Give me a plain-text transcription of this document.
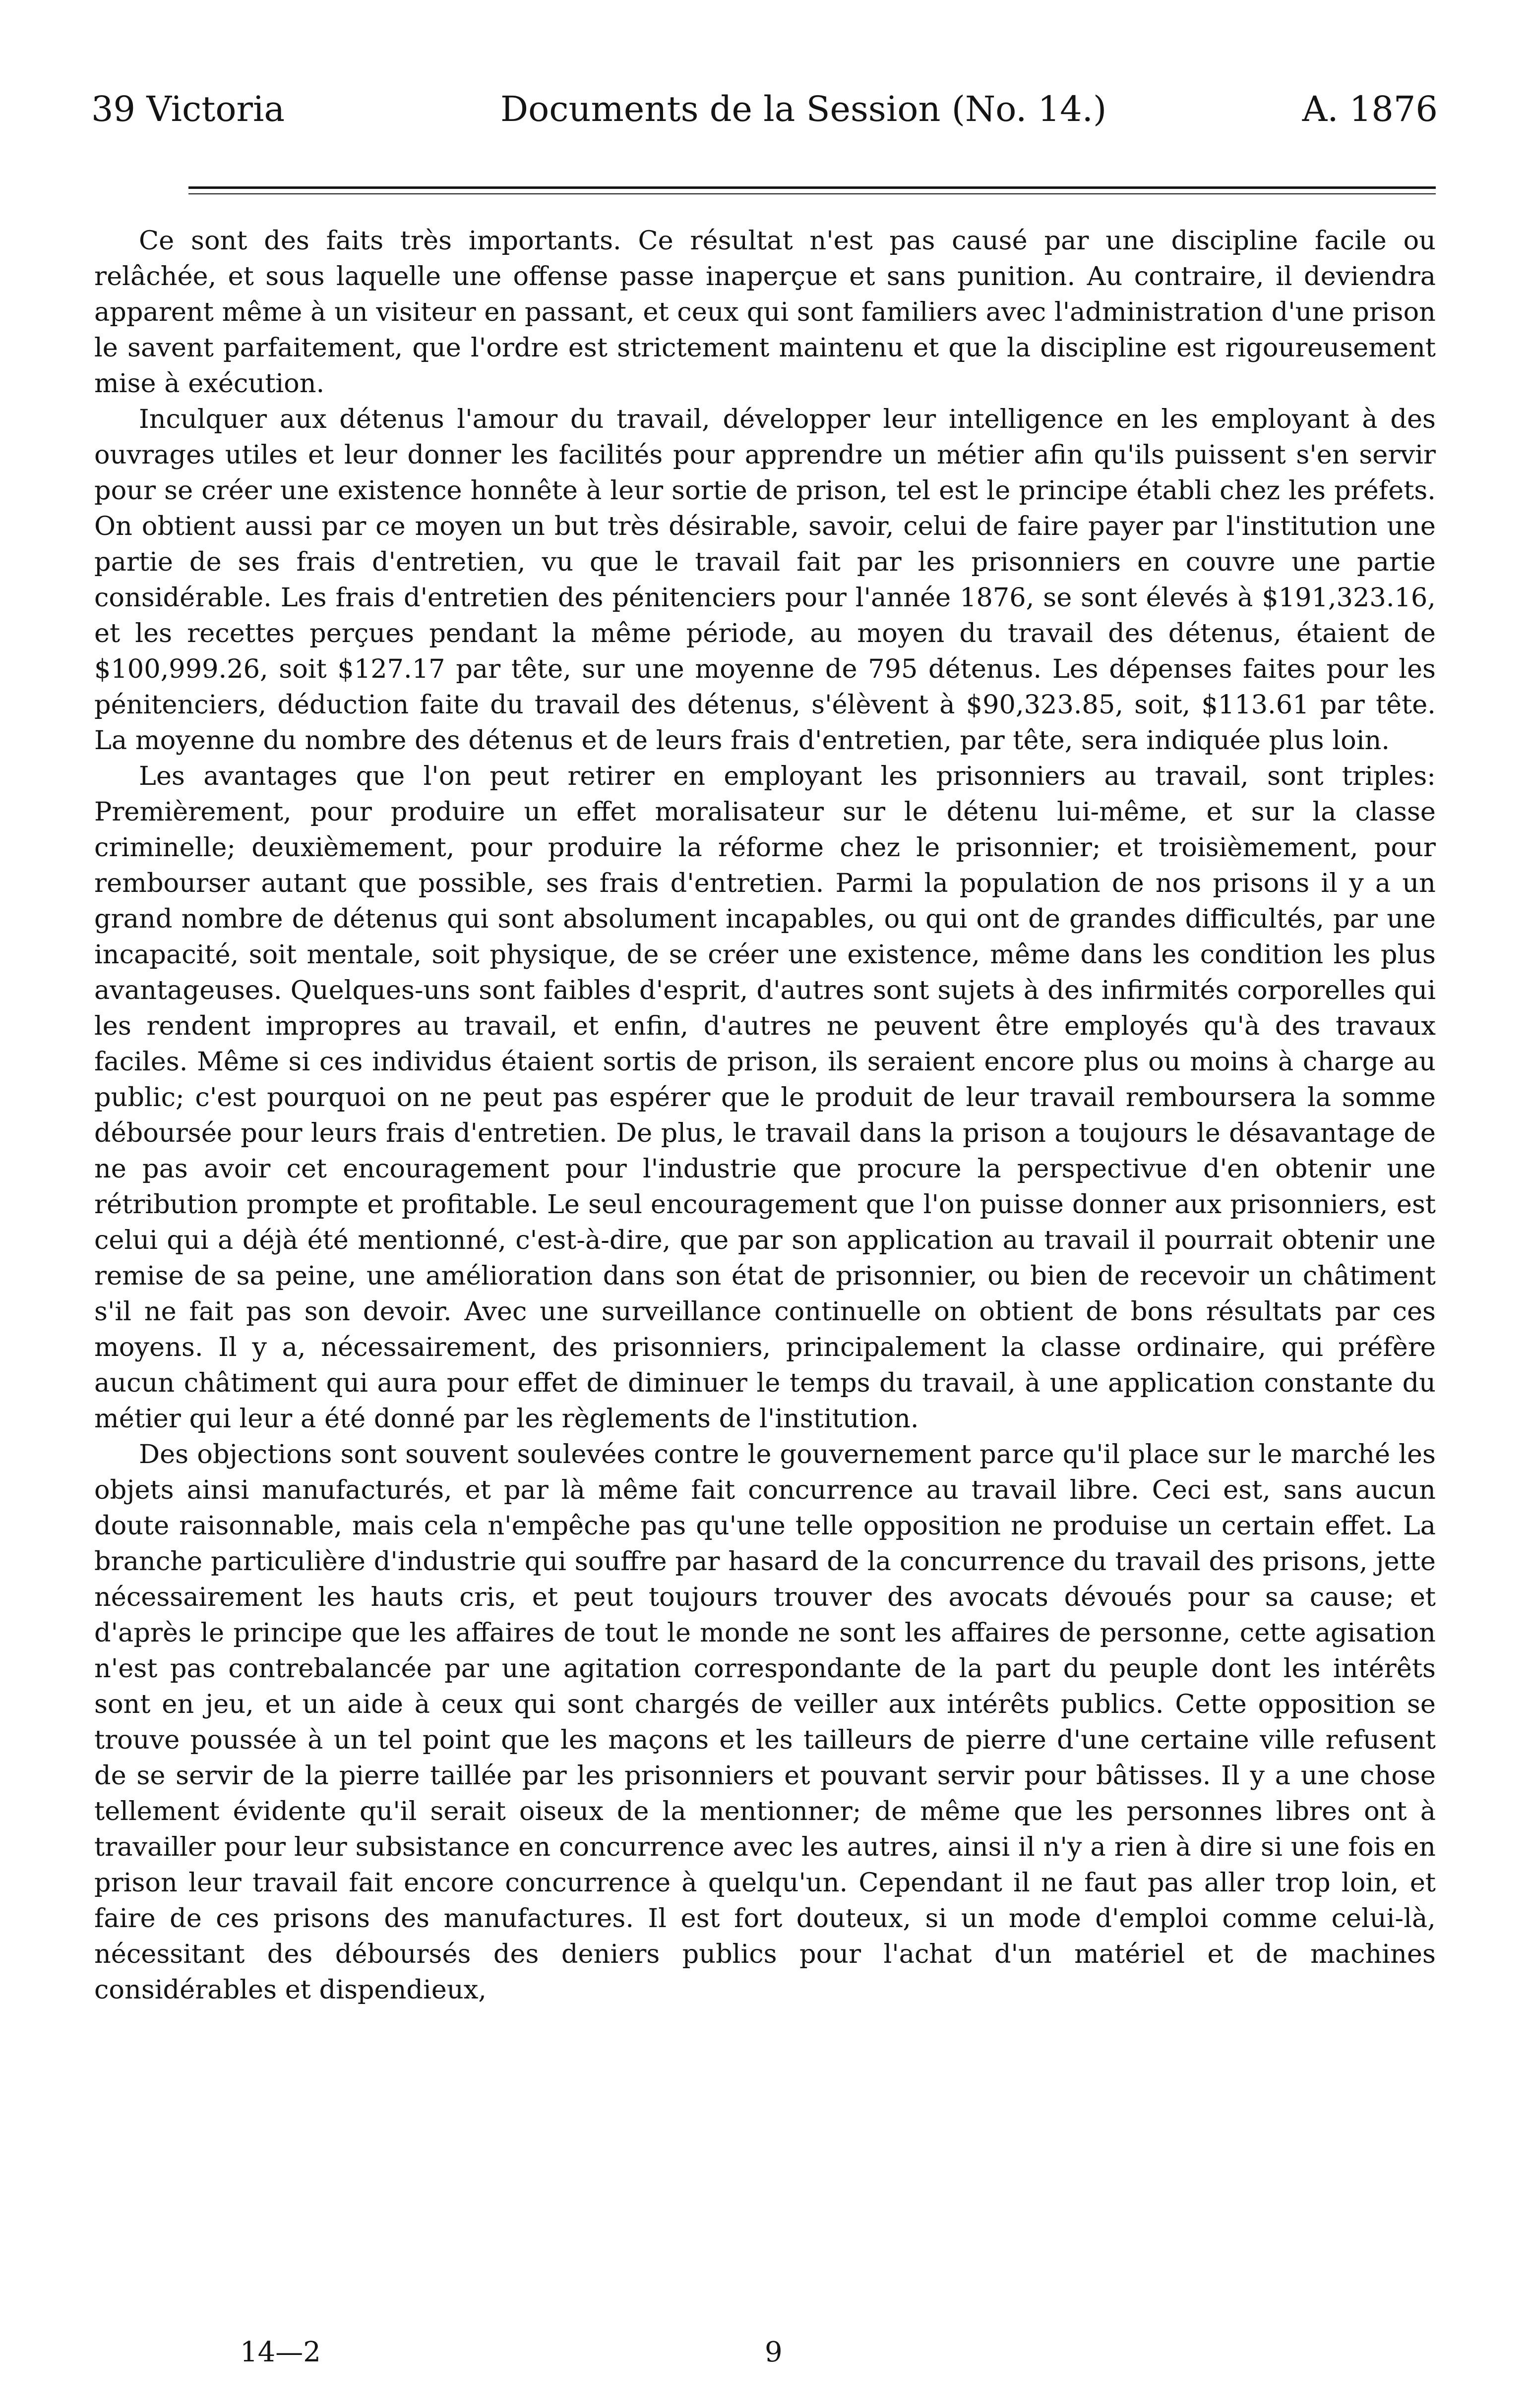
39 Victoria	Documents de la Session (No. 14.)	A. 1876

Ce sont des faits très importants. Ce résultat n'est pas causé par une discipline facile ou relâchée, et sous laquelle une offense passe inaperçue et sans punition. Au contraire, il deviendra apparent même à un visiteur en passant, et ceux qui sont familiers avec l'administration d'une prison le savent parfaitement, que l'ordre est strictement maintenu et que la discipline est rigoureusement mise à exécution.

Inculquer aux détenus l'amour du travail, développer leur intelligence en les employant à des ouvrages utiles et leur donner les facilités pour apprendre un métier afin qu'ils puissent s'en servir pour se créer une existence honnête à leur sortie de prison, tel est le principe établi chez les préfets. On obtient aussi par ce moyen un but très désirable, savoir, celui de faire payer par l'institution une partie de ses frais d'entretien, vu que le travail fait par les prisonniers en couvre une partie considérable. Les frais d'entretien des pénitenciers pour l'année 1876, se sont élevés à $191,323.16, et les recettes perçues pendant la même période, au moyen du travail des détenus, étaient de $100,999.26, soit $127.17 par tête, sur une moyenne de 795 détenus. Les dépenses faites pour les pénitenciers, déduction faite du travail des détenus, s'élèvent à $90,323.85, soit, $113.61 par tête. La moyenne du nombre des détenus et de leurs frais d'entretien, par tête, sera indiquée plus loin.

Les avantages que l'on peut retirer en employant les prisonniers au travail, sont triples: Premièrement, pour produire un effet moralisateur sur le détenu lui-même, et sur la classe criminelle; deuxièmement, pour produire la réforme chez le prisonnier; et troisièmement, pour rembourser autant que possible, ses frais d'entretien. Parmi la population de nos prisons il y a un grand nombre de détenus qui sont absolument incapables, ou qui ont de grandes difficultés, par une incapacité, soit mentale, soit physique, de se créer une existence, même dans les condition les plus avantageuses. Quelques-uns sont faibles d'esprit, d'autres sont sujets à des infirmités corporelles qui les rendent impropres au travail, et enfin, d'autres ne peuvent être employés qu'à des travaux faciles. Même si ces individus étaient sortis de prison, ils seraient encore plus ou moins à charge au public; c'est pourquoi on ne peut pas espérer que le produit de leur travail remboursera la somme déboursée pour leurs frais d'entretien. De plus, le travail dans la prison a toujours le désavantage de ne pas avoir cet encouragement pour l'industrie que procure la perspectivue d'en obtenir une rétribution prompte et profitable. Le seul encouragement que l'on puisse donner aux prisonniers, est celui qui a déjà été mentionné, c'est-à-dire, que par son application au travail il pourrait obtenir une remise de sa peine, une amélioration dans son état de prisonnier, ou bien de recevoir un châtiment s'il ne fait pas son devoir. Avec une surveillance continuelle on obtient de bons résultats par ces moyens. Il y a, nécessairement, des prisonniers, principalement la classe ordinaire, qui préfère aucun châtiment qui aura pour effet de diminuer le temps du travail, à une application constante du métier qui leur a été donné par les règlements de l'institution.

Des objections sont souvent soulevées contre le gouvernement parce qu'il place sur le marché les objets ainsi manufacturés, et par là même fait concurrence au travail libre. Ceci est, sans aucun doute raisonnable, mais cela n'empêche pas qu'une telle opposition ne produise un certain effet. La branche particulière d'industrie qui souffre par hasard de la concurrence du travail des prisons, jette nécessairement les hauts cris, et peut toujours trouver des avocats dévoués pour sa cause; et d'après le principe que les affaires de tout le monde ne sont les affaires de personne, cette agisation n'est pas contrebalancée par une agitation correspondante de la part du peuple dont les intérêts sont en jeu, et un aide à ceux qui sont chargés de veiller aux intérêts publics. Cette opposition se trouve poussée à un tel point que les maçons et les tailleurs de pierre d'une certaine ville refusent de se servir de la pierre taillée par les prisonniers et pouvant servir pour bâtisses. Il y a une chose tellement évidente qu'il serait oiseux de la mentionner; de même que les personnes libres ont à travailler pour leur subsistance en concurrence avec les autres, ainsi il n'y a rien à dire si une fois en prison leur travail fait encore concurrence à quelqu'un. Cependant il ne faut pas aller trop loin, et faire de ces prisons des manufactures. Il est fort douteux, si un mode d'emploi comme celui-là, nécessitant des déboursés des deniers publics pour l'achat d'un matériel et de machines considérables et dispendieux,

14—2	9
